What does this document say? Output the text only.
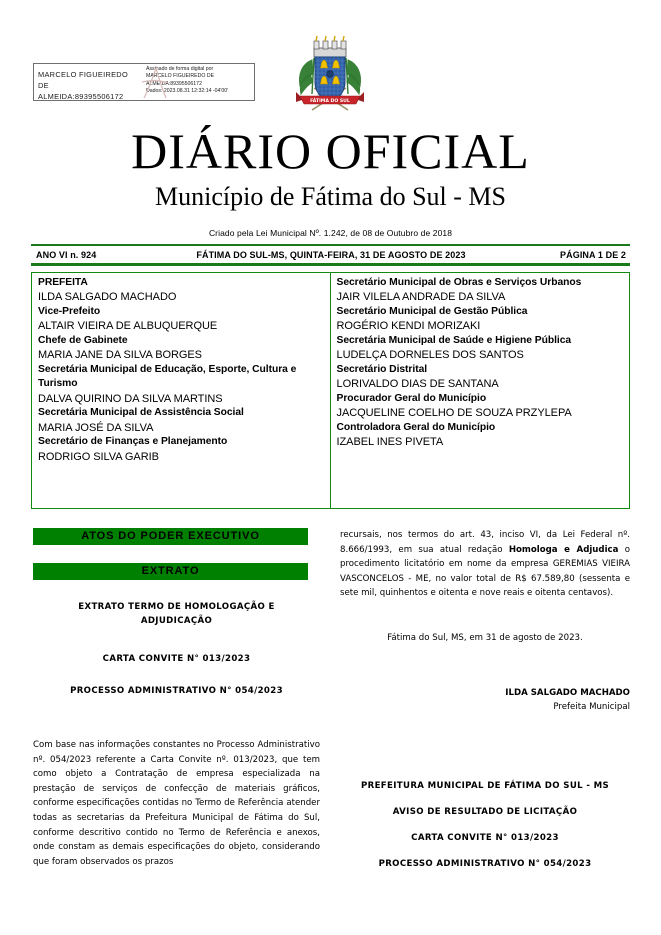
MARCELO FIGUEIREDO DE
ALMEIDA:89395506172
Assinado de forma digital por
MARCELO FIGUEIREDO DE
ALMEIDA:89395506172
Dados: 2023.08.31 12:32:14 -04'00'
FÁTIMA DO SUL
DIÁRIO OFICIAL
Município de Fátima do Sul - MS
Criado pela Lei Municipal Nº. 1.242, de 08 de Outubro de 2018
ANO VI n. 924	FÁTIMA DO SUL-MS, QUINTA-FEIRA, 31 DE AGOSTO DE 2023	PÁGINA 1 DE 2
PREFEITA
ILDA SALGADO MACHADO
Vice-Prefeito
ALTAIR VIEIRA DE ALBUQUERQUE
Chefe de Gabinete
MARIA JANE DA SILVA BORGES
Secretária Municipal de Educação, Esporte, Cultura e Turismo
DALVA QUIRINO DA SILVA MARTINS
Secretária Municipal de Assistência Social
MARIA JOSÉ DA SILVA
Secretário de Finanças e Planejamento
RODRIGO SILVA GARIB
Secretário Municipal de Obras e Serviços Urbanos
JAIR VILELA ANDRADE DA SILVA
Secretário Municipal de Gestão Pública
ROGÉRIO KENDI MORIZAKI
Secretária Municipal de Saúde e Higiene Pública
LUDELÇA DORNELES DOS SANTOS
Secretário Distrital
LORIVALDO DIAS DE SANTANA
Procurador Geral do Município
JACQUELINE COELHO DE SOUZA PRZYLEPA
Controladora Geral do Município
IZABEL INES PIVETA
ATOS DO PODER EXECUTIVO
EXTRATO
EXTRATO TERMO DE HOMOLOGAÇÃO E
ADJUDICAÇÃO
CARTA CONVITE N° 013/2023
PROCESSO ADMINISTRATIVO N° 054/2023
Com base nas informações constantes no Processo Administrativo nº. 054/2023 referente a Carta Convite nº. 013/2023, que tem como objeto a Contratação de empresa especializada na prestação de serviços de confecção de materiais gráficos, conforme especificações contidas no Termo de Referência atender todas as secretarias da Prefeitura Municipal de Fátima do Sul, conforme descritivo contido no Termo de Referência e anexos, onde constam as demais especificações do objeto, considerando que foram observados os prazos
recursais, nos termos do art. 43, inciso VI, da Lei Federal nº. 8.666/1993, em sua atual redação Homologa e Adjudica o procedimento licitatório em nome da empresa GEREMIAS VIEIRA VASCONCELOS - ME, no valor total de R$ 67.589,80 (sessenta e sete mil, quinhentos e oitenta e nove reais e oitenta centavos).
Fátima do Sul, MS, em 31 de agosto de 2023.
ILDA SALGADO MACHADO
Prefeita Municipal
PREFEITURA MUNICIPAL DE FÁTIMA DO SUL - MS
AVISO DE RESULTADO DE LICITAÇÃO
CARTA CONVITE N° 013/2023
PROCESSO ADMINISTRATIVO N° 054/2023
